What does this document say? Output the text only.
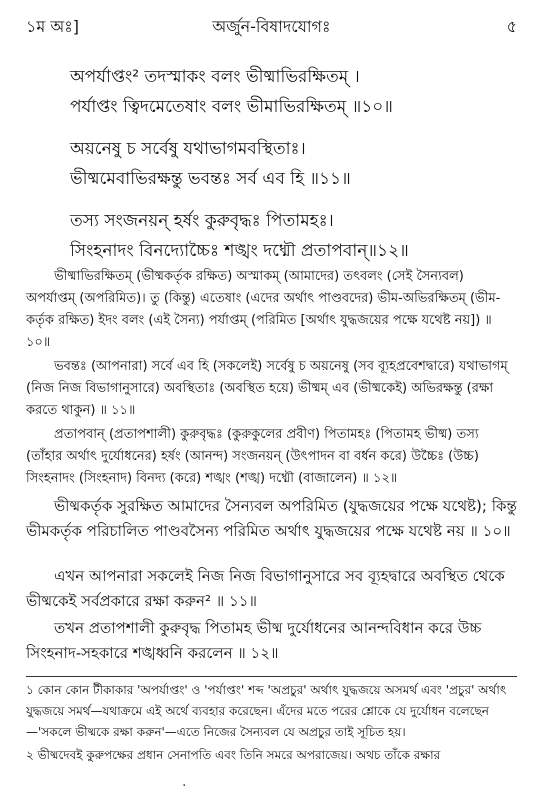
১ম অঃ]	অর্জুন-বিষাদযোগঃ	৫
অপর্যাপ্তং² তদস্মাকং বলং ভীষ্মাভিরক্ষিতম্ ।
পর্যাপ্তং ত্বিদমেতেষাং বলং ভীমাভিরক্ষিতম্ ॥১০॥
অয়নেষু চ সর্বেষু যথাভাগমবস্থিতাঃ।
ভীষ্মমেবাভিরক্ষন্তু ভবন্তঃ সর্ব এব হি ॥১১॥
তস্য সংজনয়ন্ হর্ষং কুরুবৃদ্ধঃ পিতামহঃ।
সিংহনাদং বিনদ্যোচ্চৈঃ শঙ্খং দধ্মৌ প্রতাপবান্॥১২॥

ভীষ্মাভিরক্ষিতম্ (ভীষ্মকর্তৃক রক্ষিত) অস্মাকম্ (আমাদের) তৎবলং (সেই সৈন্যবল) অপর্যাপ্তম্ (অপরিমিত)। তু (কিন্তু) এতেষাং (এদের অর্থাৎ পাণ্ডবদের) ভীম-অভিরক্ষিতম্ (ভীম-কর্তৃক রক্ষিত) ইদং বলং (এই সৈন্য) পর্যাপ্তম্ (পরিমিত [অর্থাৎ যুদ্ধজয়ের পক্ষে যথেষ্ট নয়]) ॥ ১০॥

ভবন্তঃ (আপনারা) সর্বে এব হি (সকলেই) সর্বেষু চ অয়নেষু (সব ব্যূহপ্রবেশদ্বারে) যথাভাগম্ (নিজ নিজ বিভাগানুসারে) অবস্থিতাঃ (অবস্থিত হয়ে) ভীষ্মম্ এব (ভীষ্মকেই) অভিরক্ষন্তু (রক্ষা করতে থাকুন) ॥ ১১॥

প্রতাপবান্ (প্রতাপশালী) কুরুবৃদ্ধঃ (কুরুকুলের প্রবীণ) পিতামহঃ (পিতামহ ভীষ্ম) তস্য (তাঁহার অর্থাৎ দুর্যোধনের) হর্ষং (আনন্দ) সংজনয়ন্ (উৎপাদন বা বর্ধন করে) উচ্চৈঃ (উচ্চ) সিংহনাদং (সিংহনাদ) বিনদ্য (করে) শঙ্খং (শঙ্খ) দধ্মৌ (বাজালেন) ॥ ১২॥

ভীষ্মকর্তৃক সুরক্ষিত আমাদের সৈন্যবল অপরিমিত (যুদ্ধজয়ের পক্ষে যথেষ্ট); কিন্তু ভীমকর্তৃক পরিচালিত পাণ্ডবসৈন্য পরিমিত অর্থাৎ যুদ্ধজয়ের পক্ষে যথেষ্ট নয় ॥ ১০॥

এখন আপনারা সকলেই নিজ নিজ বিভাগানুসারে সব ব্যূহদ্বারে অবস্থিত থেকে ভীষ্মকেই সর্বপ্রকারে রক্ষা করুন² ॥ ১১॥

তখন প্রতাপশালী কুরুবৃদ্ধ পিতামহ ভীষ্ম দুর্যোধনের আনন্দবিধান করে উচ্চ সিংহনাদ-সহকারে শঙ্খধ্বনি করলেন ॥ ১২॥

১ কোন কোন টীকাকার 'অপর্যাপ্তং' ও 'পর্যাপ্তং' শব্দ 'অপ্রচুর' অর্থাৎ যুদ্ধজয়ে অসমর্থ এবং 'প্রচুর' অর্থাৎ যুদ্ধজয়ে সমর্থ—যথাক্রমে এই অর্থে ব্যবহার করেছেন। এঁদের মতে পরের শ্লোকে যে দুর্যোধন বলেছেন—'সকলে ভীষ্মকে রক্ষা করুন'—এতে নিজের সৈন্যবল যে অপ্রচুর তাই সূচিত হয়।

২ ভীষ্মদেবই কুরুপক্ষের প্রধান সেনাপতি এবং তিনি সমরে অপরাজেয়। অথচ তাঁকে রক্ষার

·
